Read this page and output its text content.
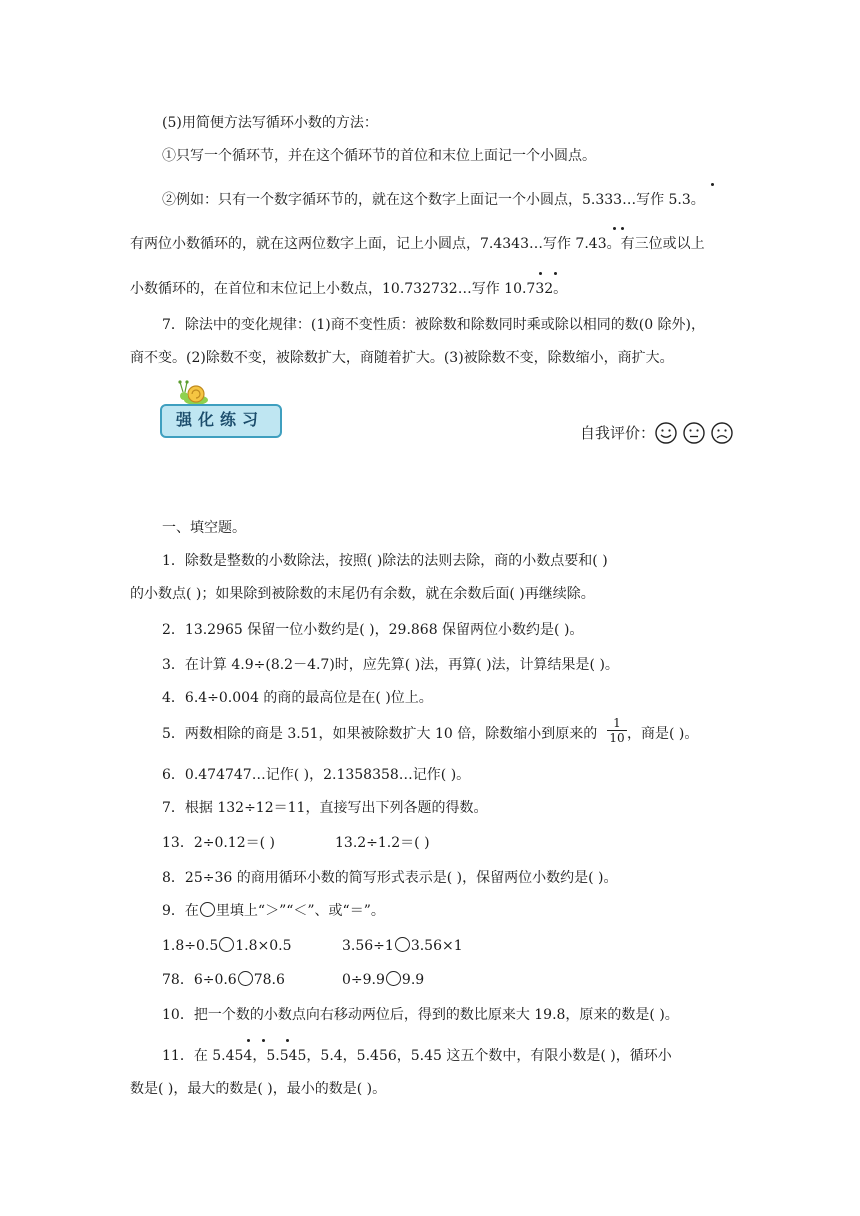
(5)用简便方法写循环小数的方法：
①只写一个循环节，并在这个循环节的首位和末位上面记一个小圆点。
②例如：只有一个数字循环节的，就在这个数字上面记一个小圆点，5.333…写作 5.3。
有两位小数循环的，就在这两位数字上面，记上小圆点，7.4343…写作 7.43。有三位或以上
小数循环的，在首位和末位记上小数点，10.732732…写作 10.732。
7．除法中的变化规律：(1)商不变性质：被除数和除数同时乘或除以相同的数(0 除外)，
商不变。(2)除数不变，被除数扩大，商随着扩大。(3)被除数不变，除数缩小，商扩大。
强化练习
自我评价：
一、填空题。
1．除数是整数的小数除法，按照( )除法的法则去除，商的小数点要和( )
的小数点( )；如果除到被除数的末尾仍有余数，就在余数后面( )再继续除。
2．13.2965 保留一位小数约是( )，29.868 保留两位小数约是( )。
3．在计算 4.9÷(8.2－4.7)时，应先算( )法，再算( )法，计算结果是( )。
4．6.4÷0.004 的商的最高位是在( )位上。
5．两数相除的商是 3.51，如果被除数扩大 10 倍，除数缩小到原来的 $\frac{1}{10}$ ，商是( )。
6．0.474747…记作( )，2.1358358…记作( )。
7．根据 132÷12＝11，直接写出下列各题的得数。
13．2÷0.12＝( )	13.2÷1.2＝( )
8．25÷36 的商用循环小数的简写形式表示是( )，保留两位小数约是( )。
9．在 里填上“＞”“＜”、或“＝”。
1.8÷0.5 1.8×0.5	3.56÷1 3.56×1
78．6÷0.6 78.6	0÷9.9 9.9
10．把一个数的小数点向右移动两位后，得到的数比原来大 19.8，原来的数是( )。
11．在 5.454，5.545，5.4，5.456，5.45 这五个数中，有限小数是( )，循环小
数是( )，最大的数是( )，最小的数是( )。
